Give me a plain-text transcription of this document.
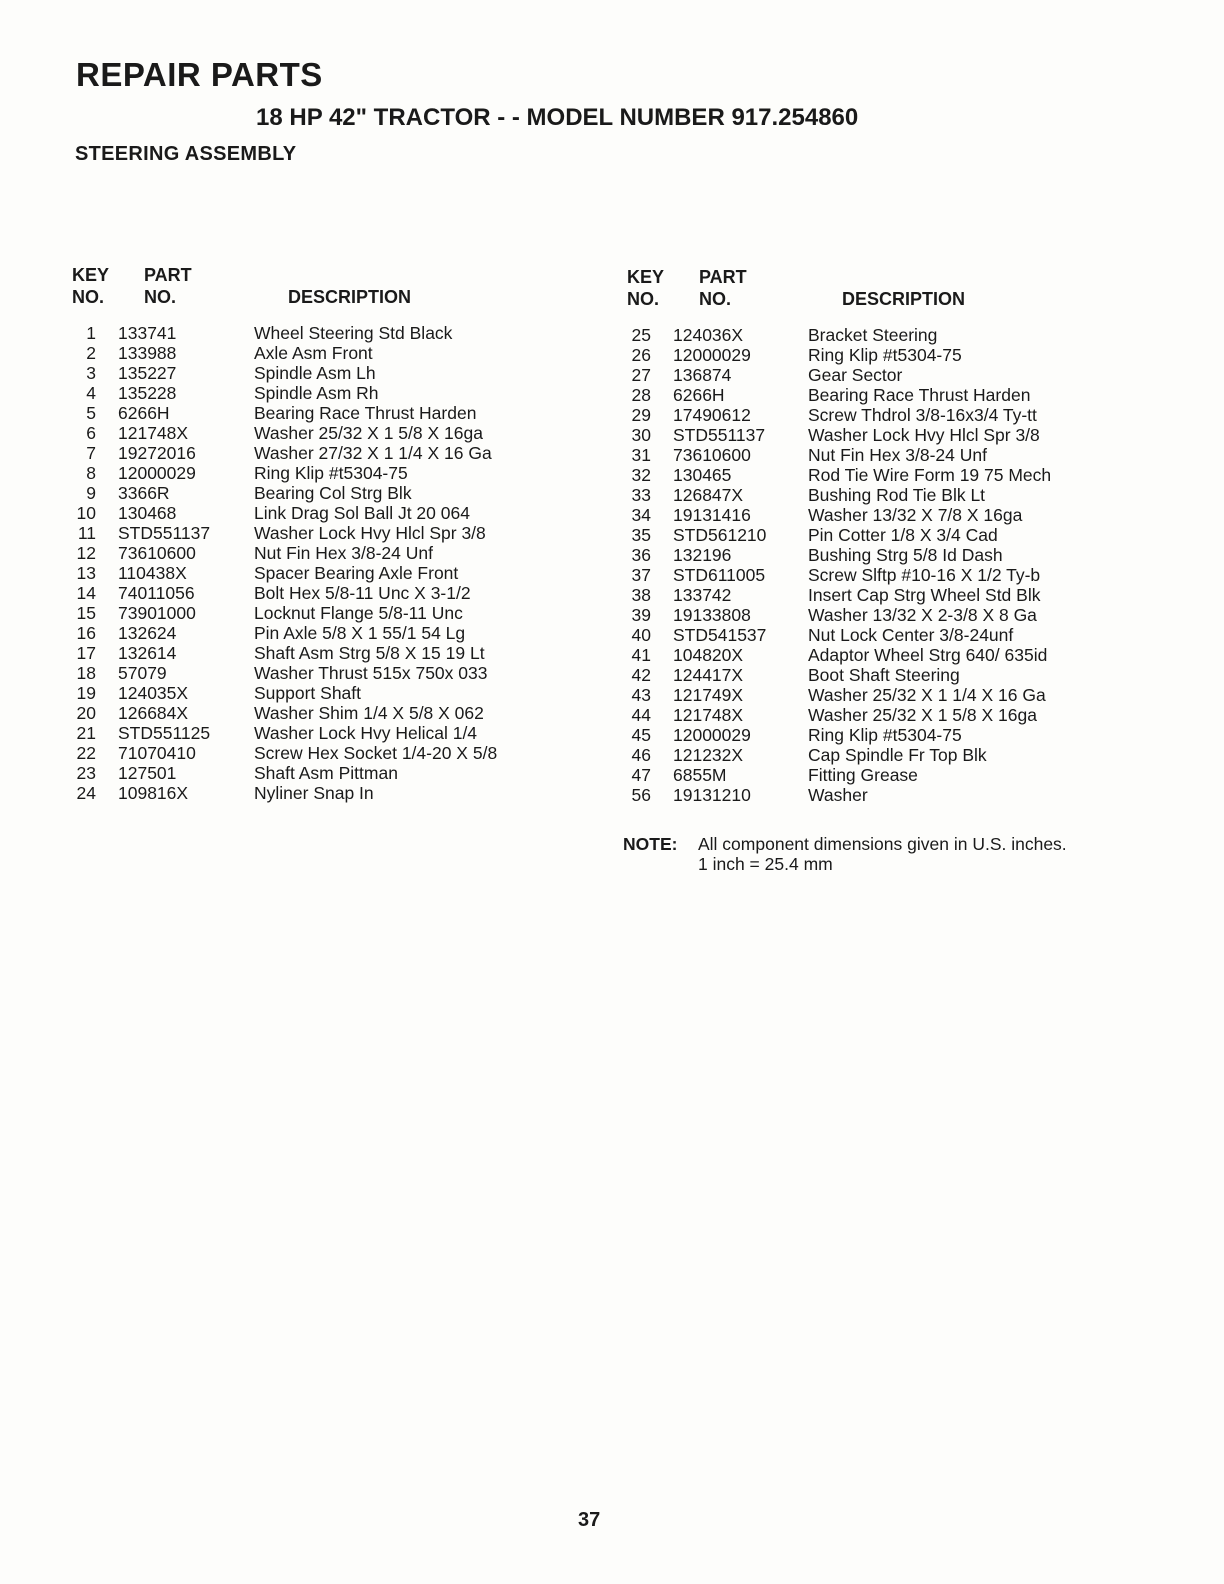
REPAIR PARTS
18 HP 42" TRACTOR - - MODEL NUMBER 917.254860
STEERING ASSEMBLY
KEY
NO.
PART
NO.	DESCRIPTION
1 133741	Wheel Steering Std Black
2 133988	Axle Asm Front
3 135227	Spindle Asm Lh
4 135228	Spindle Asm Rh
5 6266H	Bearing Race Thrust Harden
6 121748X	Washer 25/32 X 1 5/8 X 16ga
7 19272016	Washer 27/32 X 1 1/4 X 16 Ga
8 12000029	Ring Klip #t5304-75
9 3366R	Bearing Col Strg Blk
10 130468	Link Drag Sol Ball Jt 20 064
11 STD551137	Washer Lock Hvy Hlcl Spr 3/8
12 73610600	Nut Fin Hex 3/8-24 Unf
13 110438X	Spacer Bearing Axle Front
14 74011056	Bolt Hex 5/8-11 Unc X 3-1/2
15 73901000	Locknut Flange 5/8-11 Unc
16 132624	Pin Axle 5/8 X 1 55/1 54 Lg
17 132614	Shaft Asm Strg 5/8 X 15 19 Lt
18 57079	Washer Thrust 515x 750x 033
19 124035X	Support Shaft
20 126684X	Washer Shim 1/4 X 5/8 X 062
21 STD551125	Washer Lock Hvy Helical 1/4
22 71070410	Screw Hex Socket 1/4-20 X 5/8
23 127501	Shaft Asm Pittman
24 109816X	Nyliner Snap In
KEY
NO.
PART
NO.	DESCRIPTION
25 124036X	Bracket Steering
26 12000029	Ring Klip #t5304-75
27 136874	Gear Sector
28 6266H	Bearing Race Thrust Harden
29 17490612	Screw Thdrol 3/8-16x3/4 Ty-tt
30 STD551137 Washer Lock Hvy Hlcl Spr 3/8
31 73610600	Nut Fin Hex 3/8-24 Unf
32 130465	Rod Tie Wire Form 19 75 Mech
33 126847X	Bushing Rod Tie Blk Lt
34 19131416	Washer 13/32 X 7/8 X 16ga
35 STD561210 Pin Cotter 1/8 X 3/4 Cad
36 132196	Bushing Strg 5/8 Id Dash
37 STD611005 Screw Slftp #10-16 X 1/2 Ty-b
38 133742	Insert Cap Strg Wheel Std Blk
39 19133808	Washer 13/32 X 2-3/8 X 8 Ga
40 STD541537 Nut Lock Center 3/8-24unf
41 104820X	Adaptor Wheel Strg 640/ 635id
42 124417X	Boot Shaft Steering
43 121749X	Washer 25/32 X 1 1/4 X 16 Ga
44 121748X	Washer 25/32 X 1 5/8 X 16ga
45 12000029	Ring Klip #t5304-75
46 121232X	Cap Spindle Fr Top Blk
47 6855M	Fitting Grease
56 19131210	Washer
NOTE: All component dimensions given in U.S. inches.
1 inch = 25.4 mm
37
